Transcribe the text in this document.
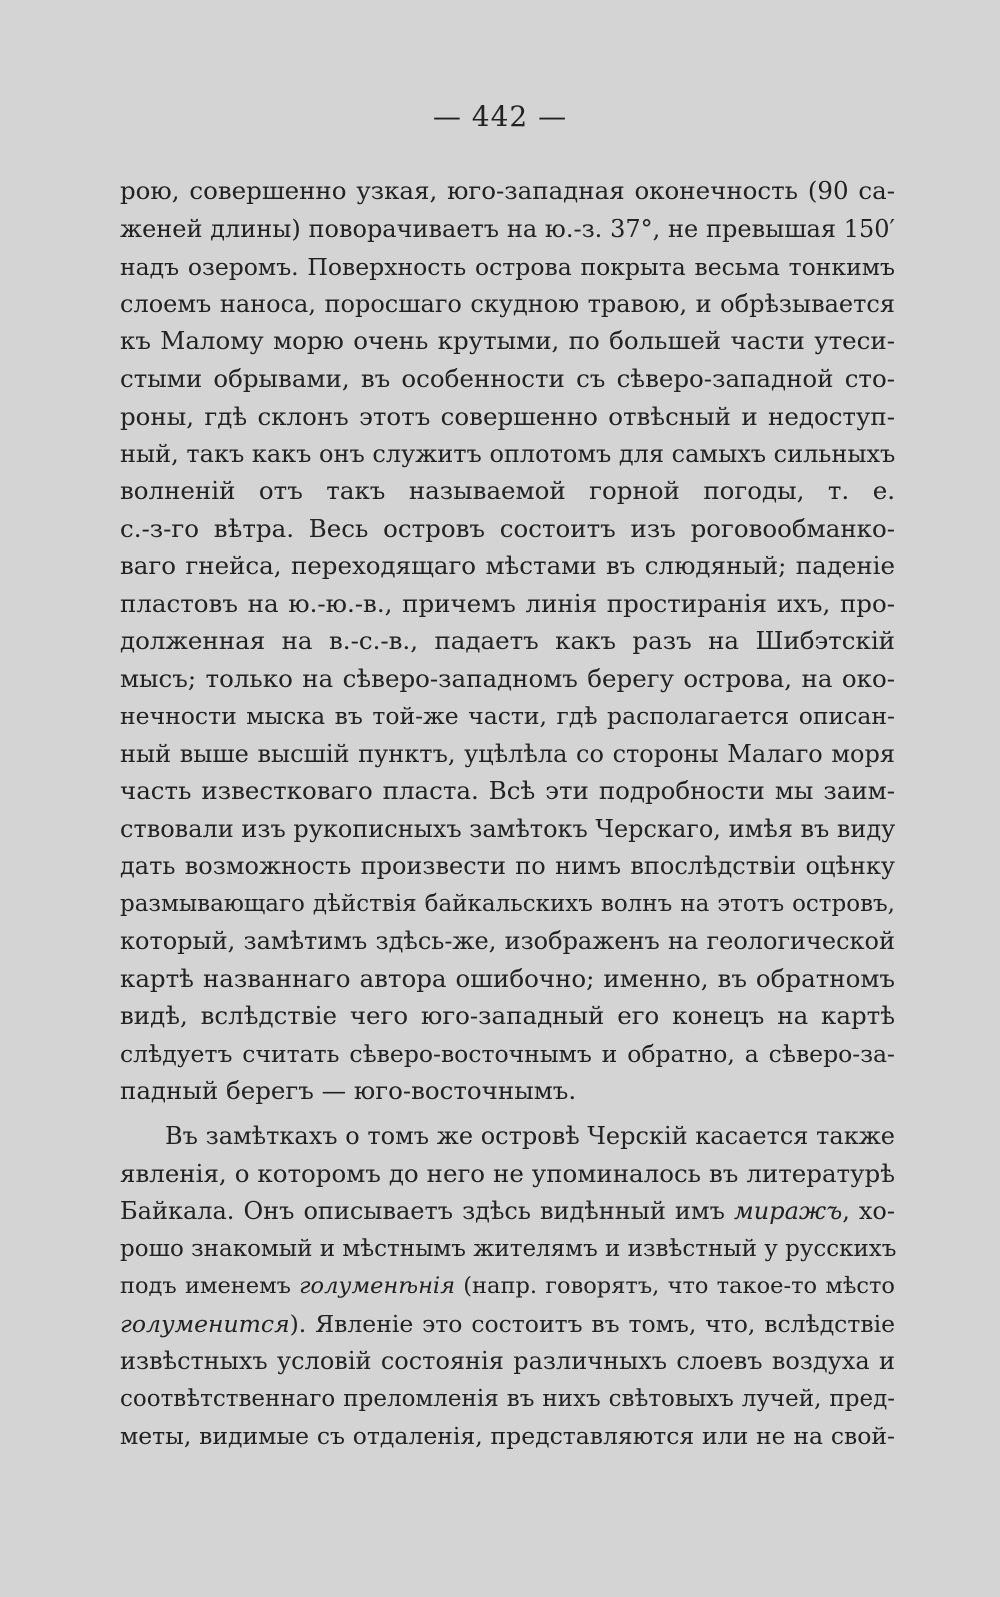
— 442 —
рою, совершенно узкая, юго-западная оконечность (90 са-
женей длины) поворачиваетъ на ю.-з. 37°, не превышая 150′
надъ озеромъ. Поверхность острова покрыта весьма тонкимъ
слоемъ наноса, поросшаго скудною травою, и обрѣзывается
къ Малому морю очень крутыми, по большей части утеси-
стыми обрывами, въ особенности съ сѣверо-западной сто-
роны, гдѣ склонъ этотъ совершенно отвѣсный и недоступ-
ный, такъ какъ онъ служитъ оплотомъ для самыхъ сильныхъ
волненій отъ такъ называемой горной погоды, т. е.
с.-з-го вѣтра. Весь островъ состоитъ изъ роговообманко-
ваго гнейса, переходящаго мѣстами въ слюдяный; паденіе
пластовъ на ю.-ю.-в., причемъ линія простиранія ихъ, про-
долженная на в.-с.-в., падаетъ какъ разъ на Шибэтскій
мысъ; только на сѣверо-западномъ берегу острова, на око-
нечности мыска въ той-же части, гдѣ располагается описан-
ный выше высшій пунктъ, уцѣлѣла со стороны Малаго моря
часть известковаго пласта. Всѣ эти подробности мы заим-
ствовали изъ рукописныхъ замѣтокъ Черскаго, имѣя въ виду
дать возможность произвести по нимъ впослѣдствіи оцѣнку
размывающаго дѣйствія байкальскихъ волнъ на этотъ островъ,
который, замѣтимъ здѣсь-же, изображенъ на геологической
картѣ названнаго автора ошибочно; именно, въ обратномъ
видѣ, вслѣдствіе чего юго-западный его конецъ на картѣ
слѣдуетъ считать сѣверо-восточнымъ и обратно, а сѣверо-за-
падный берегъ — юго-восточнымъ.
Въ замѣткахъ о томъ же островѣ Черскій касается также
явленія, о которомъ до него не упоминалось въ литературѣ
Байкала. Онъ описываетъ здѣсь видѣнный имъ миражъ, хо-
рошо знакомый и мѣстнымъ жителямъ и извѣстный у русскихъ
подъ именемъ голуменѣнія (напр. говорятъ, что такое-то мѣсто
голуменится). Явленіе это состоитъ въ томъ, что, вслѣдствіе
извѣстныхъ условій состоянія различныхъ слоевъ воздуха и
соотвѣтственнаго преломленія въ нихъ свѣтовыхъ лучей, пред-
меты, видимые съ отдаленія, представляются или не на свой-
